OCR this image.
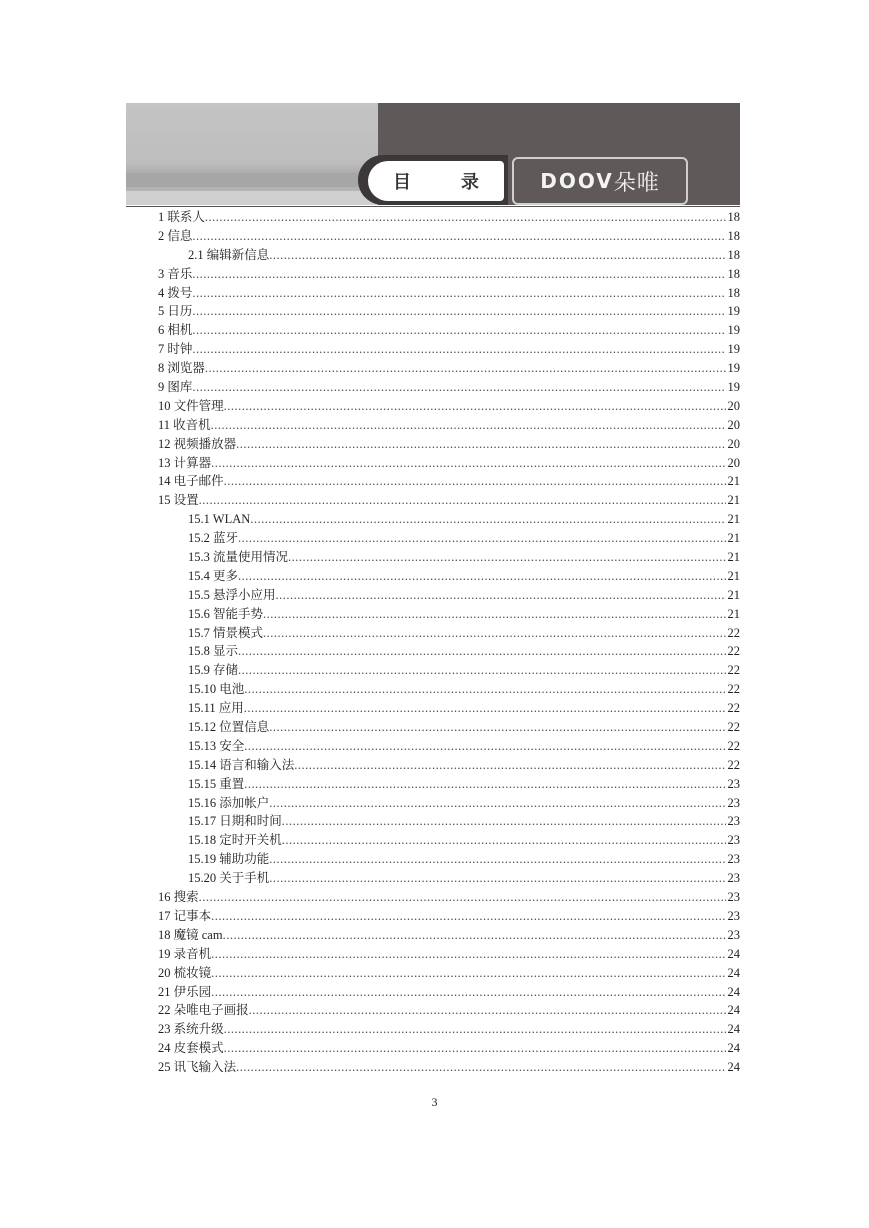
目	录	DOOV 朵唯
1 联系人 .....	18
2 信息 .....	18
2.1 编辑新信息 .....	18
3 音乐 .....	18
4 拨号 .....	18
5 日历 .....	19
6 相机 .....	19
7 时钟 .....	19
8 浏览器 .....	19
9 图库 .....	19
10 文件管理 .....	20
11 收音机 .....	20
12 视频播放器 .....	20
13 计算器 .....	20
14 电子邮件 .....	21
15 设置 .....	21
15.1 WLAN .....	21
15.2 蓝牙 .....	21
15.3 流量使用情况 .....	21
15.4 更多 .....	21
15.5 悬浮小应用 .....	21
15.6 智能手势 .....	21
15.7 情景模式 .....	22
15.8 显示 .....	22
15.9 存储 .....	22
15.10 电池 .....	22
15.11 应用 .....	22
15.12 位置信息 .....	22
15.13 安全 .....	22
15.14 语言和输入法 .....	22
15.15 重置 .....	23
15.16 添加帐户 .....	23
15.17 日期和时间 .....	23
15.18 定时开关机 .....	23
15.19 辅助功能 .....	23
15.20 关于手机 .....	23
16 搜索 .....	23
17 记事本 .....	23
18 魔镜 cam .....	23
19 录音机 .....	24
20 梳妆镜 .....	24
21 伊乐园 .....	24
22 朵唯电子画报 .....	24
23 系统升级 .....	24
24 皮套模式 .....	24
25 讯飞输入法 .....	24
3
